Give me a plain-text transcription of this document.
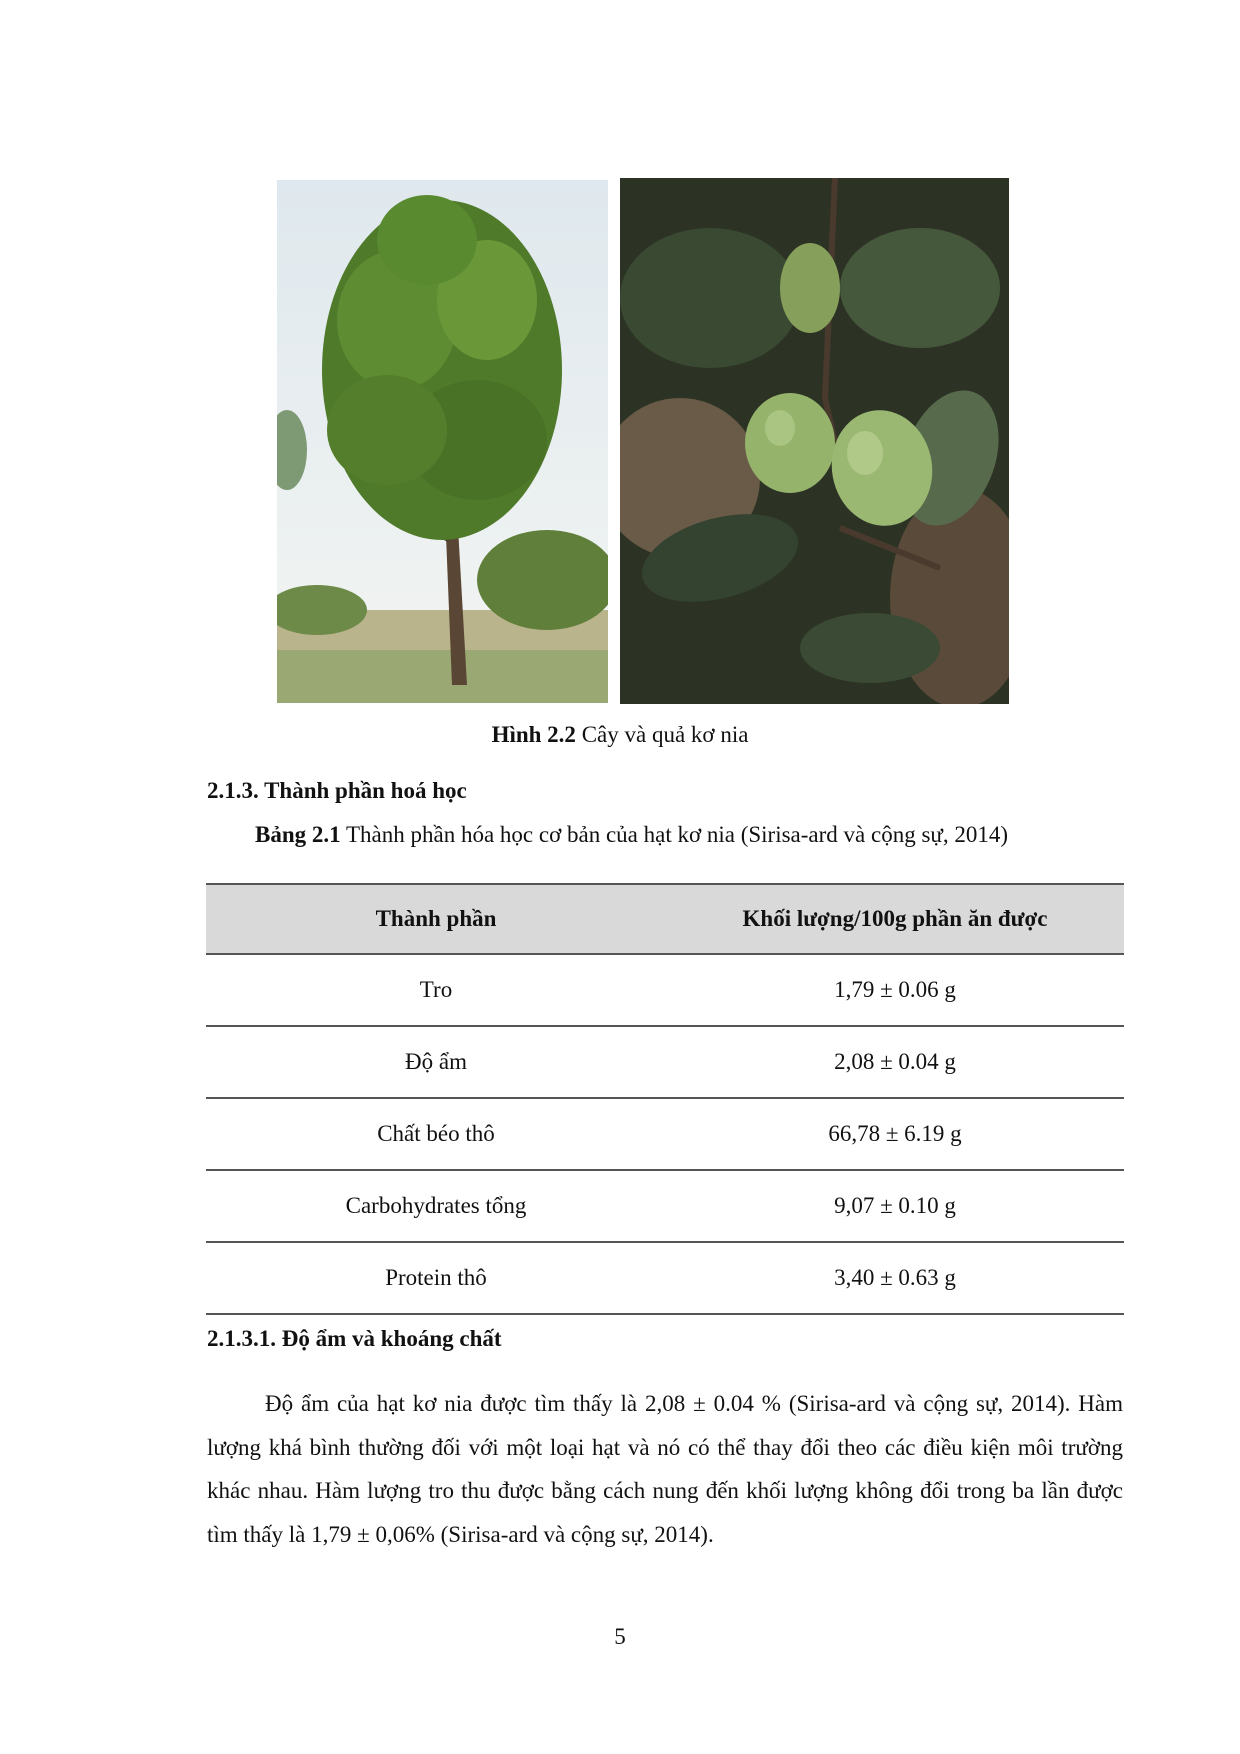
Hình 2.2 Cây và quả kơ nia
2.1.3. Thành phần hoá học
Bảng 2.1 Thành phần hóa học cơ bản của hạt kơ nia (Sirisa-ard và cộng sự, 2014)
Thành phần	Khối lượng/100g phần ăn được
Tro	1,79 ± 0.06 g
Độ ẩm	2,08 ± 0.04 g
Chất béo thô	66,78 ± 6.19 g
Carbohydrates tổng	9,07 ± 0.10 g
Protein thô	3,40 ± 0.63 g
2.1.3.1. Độ ẩm và khoáng chất
Độ ẩm của hạt kơ nia được tìm thấy là 2,08 ± 0.04 % (Sirisa-ard và cộng sự, 2014). Hàm lượng khá bình thường đối với một loại hạt và nó có thể thay đổi theo các điều kiện môi trường khác nhau. Hàm lượng tro thu được bằng cách nung đến khối lượng không đổi trong ba lần được tìm thấy là 1,79 ± 0,06% (Sirisa-ard và cộng sự, 2014).
5
